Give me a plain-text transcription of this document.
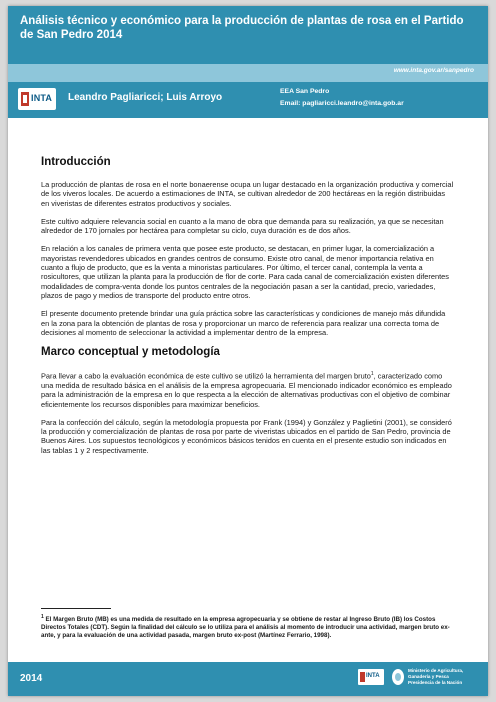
Análisis técnico y económico para la producción de plantas de rosa en el Partido de San Pedro 2014
www.inta.gov.ar/sanpedro
INTA Leandro Pagliaricci; Luis Arroyo
EEA San Pedro
Email: pagliaricci.leandro@inta.gob.ar
Introducción

La producción de plantas de rosa en el norte bonaerense ocupa un lugar destacado en la organización productiva y comercial de los viveros locales. De acuerdo a estimaciones de INTA, se cultivan alrededor de 200 hectáreas en la región distribuidas en viveristas de diferentes estratos productivos y sociales.

Este cultivo adquiere relevancia social en cuanto a la mano de obra que demanda para su realización, ya que se necesitan alrededor de 170 jornales por hectárea para completar su ciclo, cuya duración es de dos años.

En relación a los canales de primera venta que posee este producto, se destacan, en primer lugar, la comercialización a mayoristas revendedores ubicados en grandes centros de consumo. Existe otro canal, de menor importancia relativa en cuanto a flujo de producto, que es la venta a minoristas particulares. Por último, el tercer canal, contempla la venta a rosicultores, que utilizan la planta para la producción de flor de corte. Para cada canal de comercialización existen diferentes modalidades de compra-venta donde los puntos centrales de la negociación pasan a ser la cantidad, precio, variedades, plazos de pago y medios de transporte del producto entre otros.

El presente documento pretende brindar una guía práctica sobre las características y condiciones de manejo más difundida en la zona para la obtención de plantas de rosa y proporcionar un marco de referencia para realizar una correcta toma de decisiones al momento de seleccionar la actividad a implementar dentro de la empresa.

Marco conceptual y metodología

Para llevar a cabo la evaluación económica de este cultivo se utilizó la herramienta del margen bruto$^1$, caracterizado como una medida de resultado básica en el análisis de la empresa agropecuaria. El mencionado indicador económico es empleado para la administración de la empresa en lo que respecta a la elección de alternativas productivas con el objetivo de combinar eficientemente los recursos disponibles para maximizar beneficios.

Para la confección del cálculo, según la metodología propuesta por Frank (1994) y González y Paglietini (2001), se consideró la producción y comercialización de plantas de rosa por parte de viveristas ubicados en el partido de San Pedro, provincia de Buenos Aires. Los supuestos tecnológicos y económicos básicos tenidos en cuenta en el presente estudio son indicados en las tablas 1 y 2 respectivamente.

$^1$ El Margen Bruto (MB) es una medida de resultado en la empresa agropecuaria y se obtiene de restar al Ingreso Bruto (IB) los Costos Directos Totales (CDT). Según la finalidad del cálculo se lo utiliza para el análisis al momento de introducir una actividad, margen bruto ex-ante, y para la evaluación de una actividad pasada, margen bruto ex-post (Martínez Ferrario, 1998).
2014	INTA
Ministerio de Agricultura,
Ganadería y Pesca
Presidencia de la Nación
